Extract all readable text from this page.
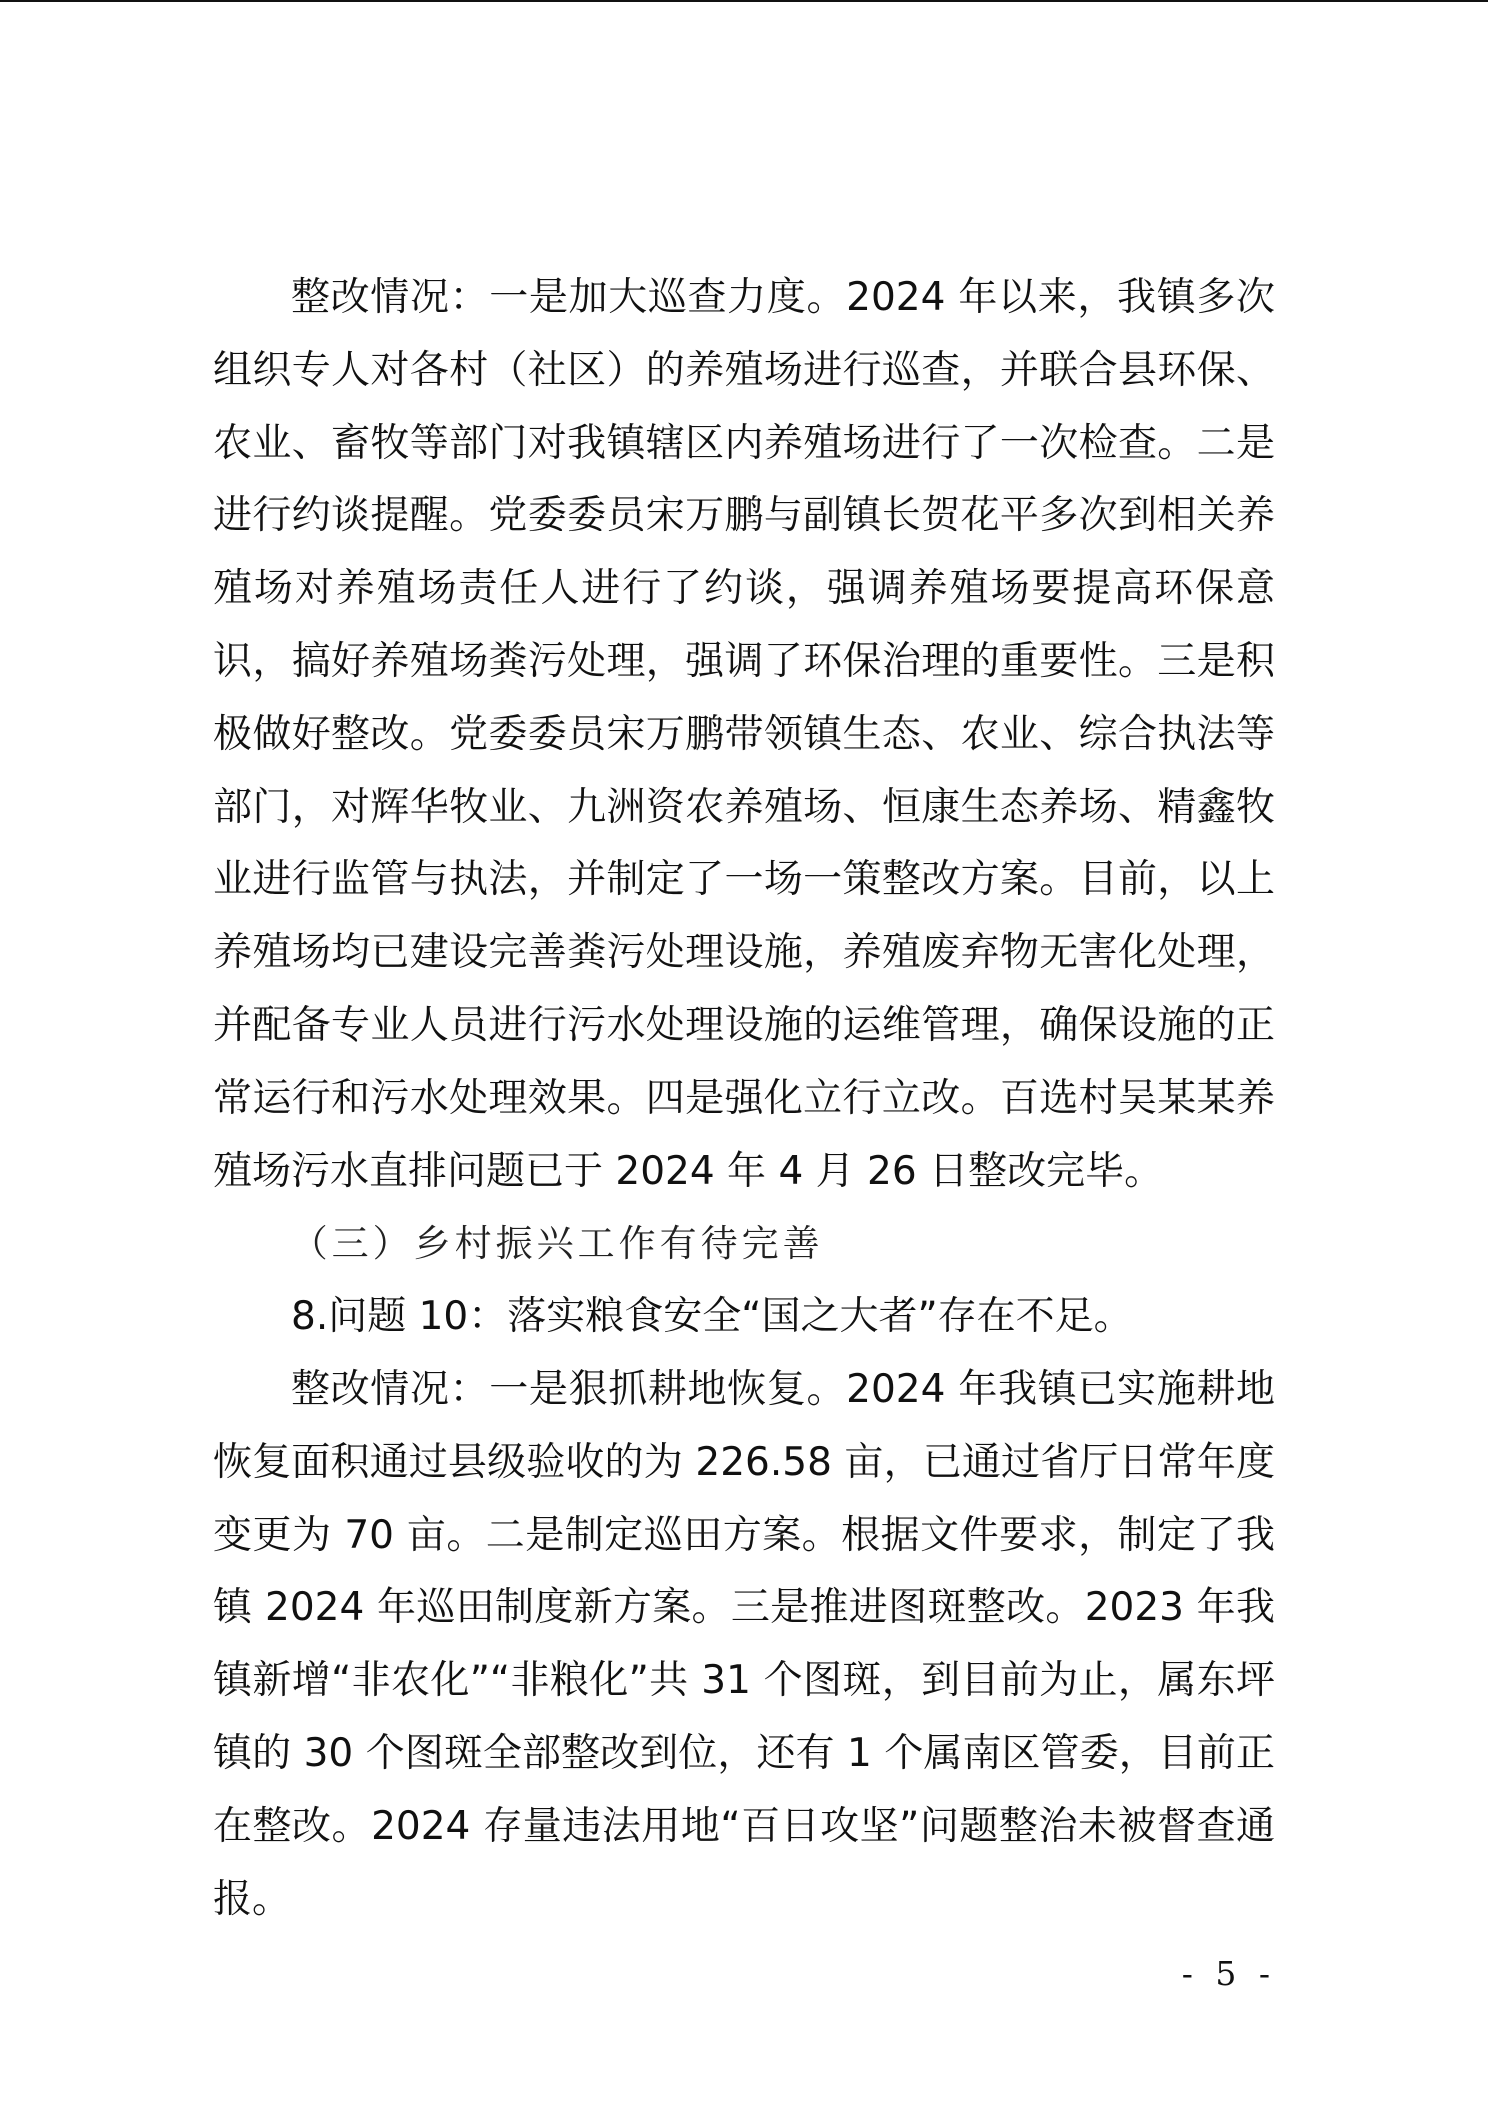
整改情况：一是加大巡查力度。2024 年以来，我镇多次组织专人对各村（社区）的养殖场进行巡查，并联合县环保、农业、畜牧等部门对我镇辖区内养殖场进行了一次检查。二是进行约谈提醒。党委委员宋万鹏与副镇长贺花平多次到相关养殖场对养殖场责任人进行了约谈，强调养殖场要提高环保意识，搞好养殖场粪污处理，强调了环保治理的重要性。三是积极做好整改。党委委员宋万鹏带领镇生态、农业、综合执法等部门，对辉华牧业、九洲资农养殖场、恒康生态养场、精鑫牧业进行监管与执法，并制定了一场一策整改方案。目前，以上养殖场均已建设完善粪污处理设施，养殖废弃物无害化处理，并配备专业人员进行污水处理设施的运维管理，确保设施的正常运行和污水处理效果。四是强化立行立改。百选村吴某某养殖场污水直排问题已于 2024 年 4 月 26 日整改完毕。

（三）乡村振兴工作有待完善

8.问题 10：落实粮食安全“国之大者”存在不足。

整改情况：一是狠抓耕地恢复。2024 年我镇已实施耕地恢复面积通过县级验收的为 226.58 亩，已通过省厅日常年度变更为 70 亩。二是制定巡田方案。根据文件要求，制定了我镇 2024 年巡田制度新方案。三是推进图斑整改。2023 年我镇新增“非农化”“非粮化”共 31 个图斑，到目前为止，属东坪镇的 30 个图斑全部整改到位，还有 1 个属南区管委，目前正在整改。2024 存量违法用地“百日攻坚”问题整治未被督查通报。

- 5 -
